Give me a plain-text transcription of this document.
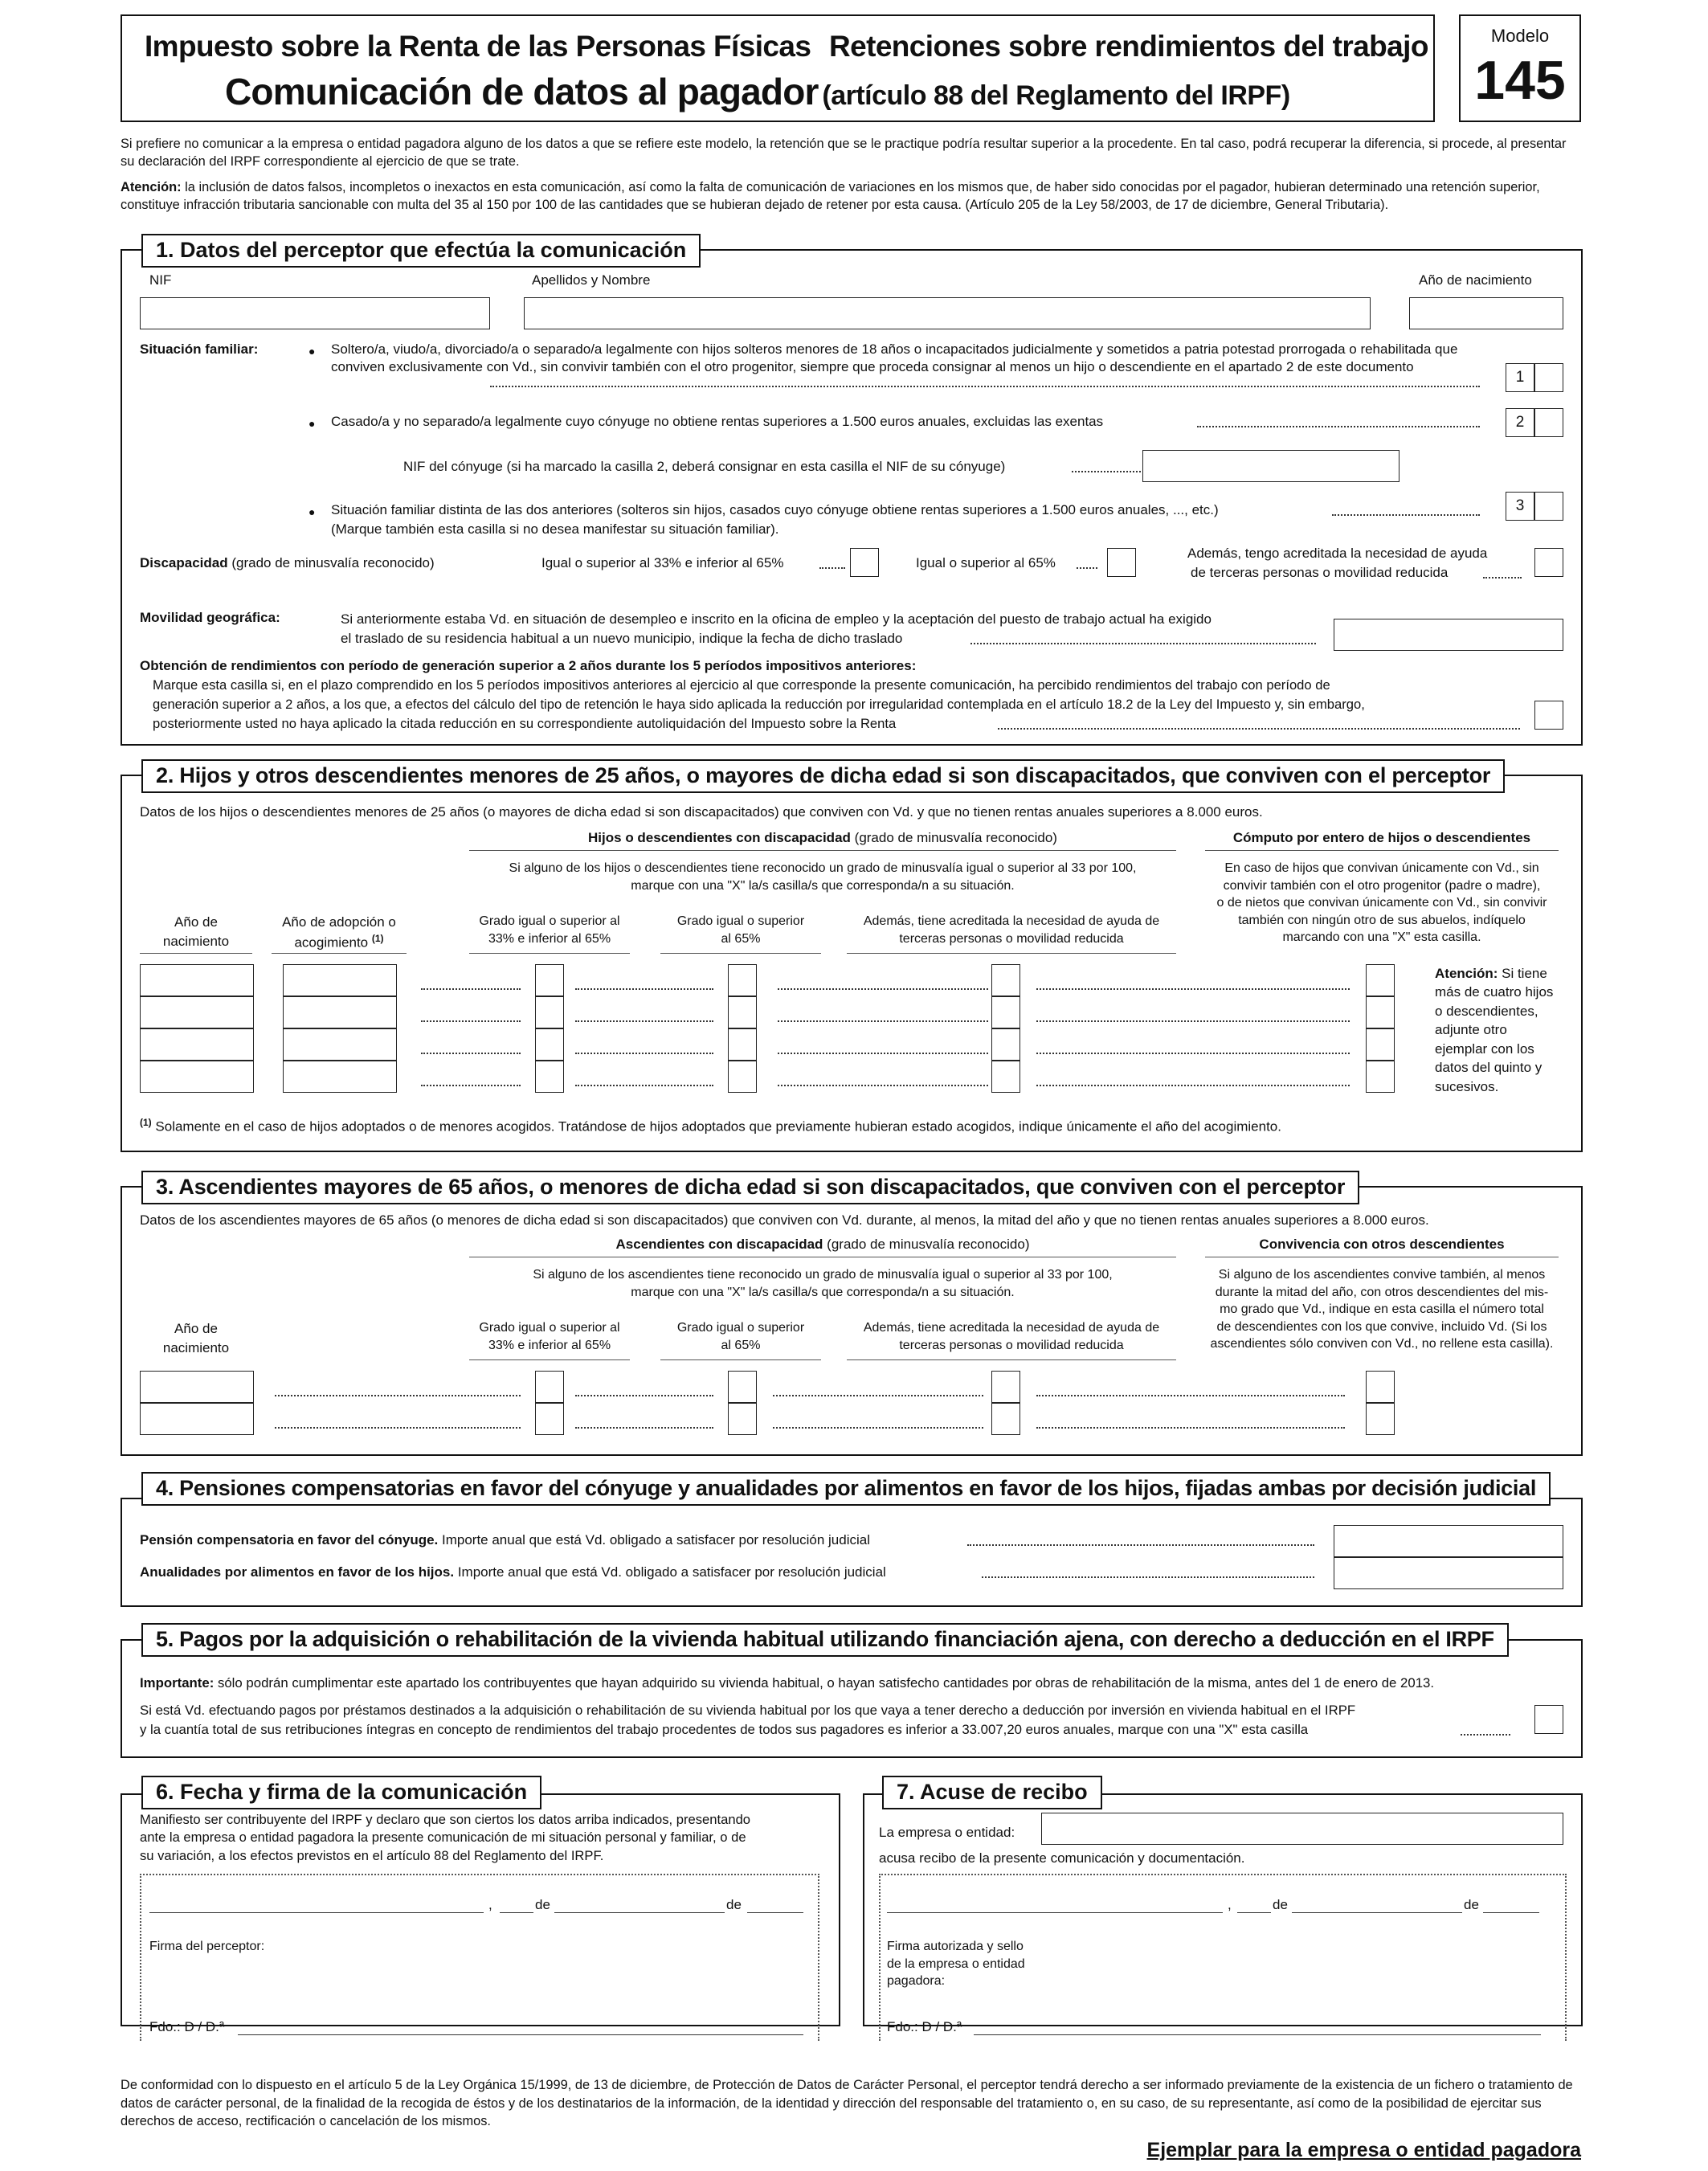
Impuesto sobre la Renta de las Personas Físicas Retenciones sobre rendimientos del trabajo
Comunicación de datos al pagador (artículo 88 del Reglamento del IRPF)
Modelo
145
Si prefiere no comunicar a la empresa o entidad pagadora alguno de los datos a que se refiere este modelo, la retención que se le practique podría resultar superior a la procedente. En tal caso, podrá recuperar la diferencia, si procede, al presentar su declaración del IRPF correspondiente al ejercicio de que se trate.
Atención: la inclusión de datos falsos, incompletos o inexactos en esta comunicación, así como la falta de comunicación de variaciones en los mismos que, de haber sido conocidas por el pagador, hubieran determinado una retención superior, constituye infracción tributaria sancionable con multa del 35 al 150 por 100 de las cantidades que se hubieran dejado de retener por esta causa. (Artículo 205 de la Ley 58/2003, de 17 de diciembre, General Tributaria).
1. Datos del perceptor que efectúa la comunicación
NIF	Apellidos y Nombre	Año de nacimiento
Situación familiar:	● Soltero/a, viudo/a, divorciado/a o separado/a legalmente con hijos solteros menores de 18 años o incapacitados judicialmente y sometidos a patria potestad prorrogada o rehabilitada que conviven exclusivamente con Vd., sin convivir también con el otro progenitor, siempre que proceda consignar al menos un hijo o descendiente en el apartado 2 de este documento
1
● Casado/a y no separado/a legalmente cuyo cónyuge no obtiene rentas superiores a 1.500 euros anuales, excluidas las exentas	2
NIF del cónyuge (si ha marcado la casilla 2, deberá consignar en esta casilla el NIF de su cónyuge)
● Situación familiar distinta de las dos anteriores (solteros sin hijos, casados cuyo cónyuge obtiene rentas superiores a 1.500 euros anuales, ..., etc.)
(Marque también esta casilla si no desea manifestar su situación familiar).
3
Discapacidad (grado de minusvalía reconocido)	Igual o superior al 33% e inferior al 65%	Igual o superior al 65%
Además, tengo acreditada la necesidad de ayuda
de terceras personas o movilidad reducida
Movilidad geográfica:	Si anteriormente estaba Vd. en situación de desempleo e inscrito en la oficina de empleo y la aceptación del puesto de trabajo actual ha exigido
el traslado de su residencia habitual a un nuevo municipio, indique la fecha de dicho traslado
Obtención de rendimientos con período de generación superior a 2 años durante los 5 períodos impositivos anteriores:
Marque esta casilla si, en el plazo comprendido en los 5 períodos impositivos anteriores al ejercicio al que corresponde la presente comunicación, ha percibido rendimientos del trabajo con período de
generación superior a 2 años, a los que, a efectos del cálculo del tipo de retención le haya sido aplicada la reducción por irregularidad contemplada en el artículo 18.2 de la Ley del Impuesto y, sin embargo,
posteriormente usted no haya aplicado la citada reducción en su correspondiente autoliquidación del Impuesto sobre la Renta
2. Hijos y otros descendientes menores de 25 años, o mayores de dicha edad si son discapacitados, que conviven con el perceptor
Datos de los hijos o descendientes menores de 25 años (o mayores de dicha edad si son discapacitados) que conviven con Vd. y que no tienen rentas anuales superiores a 8.000 euros.
Hijos o descendientes con discapacidad (grado de minusvalía reconocido)
Si alguno de los hijos o descendientes tiene reconocido un grado de minusvalía igual o superior al 33 por 100,
marque con una "X" la/s casilla/s que corresponda/n a su situación.
Cómputo por entero de hijos o descendientes
En caso de hijos que convivan únicamente con Vd., sin
convivir también con el otro progenitor (padre o madre),
o de nietos que convivan únicamente con Vd., sin convivir
también con ningún otro de sus abuelos, indíquelo
marcando con una "X" esta casilla.
Año de
nacimiento
Año de adopción o
acogimiento $^{(1)}$
Grado igual o superior al
33% e inferior al 65%
Grado igual o superior
al 65%
Además, tiene acreditada la necesidad de ayuda de
terceras personas o movilidad reducida
Atención: Si tiene
más de cuatro hijos
o descendientes,
adjunte otro
ejemplar con los
datos del quinto y
sucesivos.
$^{(1)}$ Solamente en el caso de hijos adoptados o de menores acogidos. Tratándose de hijos adoptados que previamente hubieran estado acogidos, indique únicamente el año del acogimiento.
3. Ascendientes mayores de 65 años, o menores de dicha edad si son discapacitados, que conviven con el perceptor
Datos de los ascendientes mayores de 65 años (o menores de dicha edad si son discapacitados) que conviven con Vd. durante, al menos, la mitad del año y que no tienen rentas anuales superiores a 8.000 euros.
Ascendientes con discapacidad (grado de minusvalía reconocido)
Si alguno de los ascendientes tiene reconocido un grado de minusvalía igual o superior al 33 por 100,
marque con una "X" la/s casilla/s que corresponda/n a su situación.
Convivencia con otros descendientes
Si alguno de los ascendientes convive también, al menos
durante la mitad del año, con otros descendientes del mis-
mo grado que Vd., indique en esta casilla el número total
de descendientes con los que convive, incluido Vd. (Si los
ascendientes sólo conviven con Vd., no rellene esta casilla).
Año de
nacimiento
Grado igual o superior al
33% e inferior al 65%
Grado igual o superior
al 65%
Además, tiene acreditada la necesidad de ayuda de
terceras personas o movilidad reducida
4. Pensiones compensatorias en favor del cónyuge y anualidades por alimentos en favor de los hijos, fijadas ambas por decisión judicial
Pensión compensatoria en favor del cónyuge. Importe anual que está Vd. obligado a satisfacer por resolución judicial
Anualidades por alimentos en favor de los hijos. Importe anual que está Vd. obligado a satisfacer por resolución judicial
5. Pagos por la adquisición o rehabilitación de la vivienda habitual utilizando financiación ajena, con derecho a deducción en el IRPF
Importante: sólo podrán cumplimentar este apartado los contribuyentes que hayan adquirido su vivienda habitual, o hayan satisfecho cantidades por obras de rehabilitación de la misma, antes del 1 de enero de 2013.
Si está Vd. efectuando pagos por préstamos destinados a la adquisición o rehabilitación de su vivienda habitual por los que vaya a tener derecho a deducción por inversión en vivienda habitual en el IRPF
y la cuantía total de sus retribuciones íntegras en concepto de rendimientos del trabajo procedentes de todos sus pagadores es inferior a 33.007,20 euros anuales, marque con una "X" esta casilla
6. Fecha y firma de la comunicación
Manifiesto ser contribuyente del IRPF y declaro que son ciertos los datos arriba indicados, presentando
ante la empresa o entidad pagadora la presente comunicación de mi situación personal y familiar, o de
su variación, a los efectos previstos en el artículo 88 del Reglamento del IRPF.
,	de	de
Firma del perceptor:
Fdo.: D / D.ª
7. Acuse de recibo
La empresa o entidad:
acusa recibo de la presente comunicación y documentación.
,	de	de
Firma autorizada y sello
de la empresa o entidad
pagadora:
Fdo.: D / D.ª
De conformidad con lo dispuesto en el artículo 5 de la Ley Orgánica 15/1999, de 13 de diciembre, de Protección de Datos de Carácter Personal, el perceptor tendrá derecho a ser informado previamente de la existencia de un fichero o tratamiento de datos de carácter personal, de la finalidad de la recogida de éstos y de los destinatarios de la información, de la identidad y dirección del responsable del tratamiento o, en su caso, de su representante, así como de la posibilidad de ejercitar sus derechos de acceso, rectificación o cancelación de los mismos.
Ejemplar para la empresa o entidad pagadora
